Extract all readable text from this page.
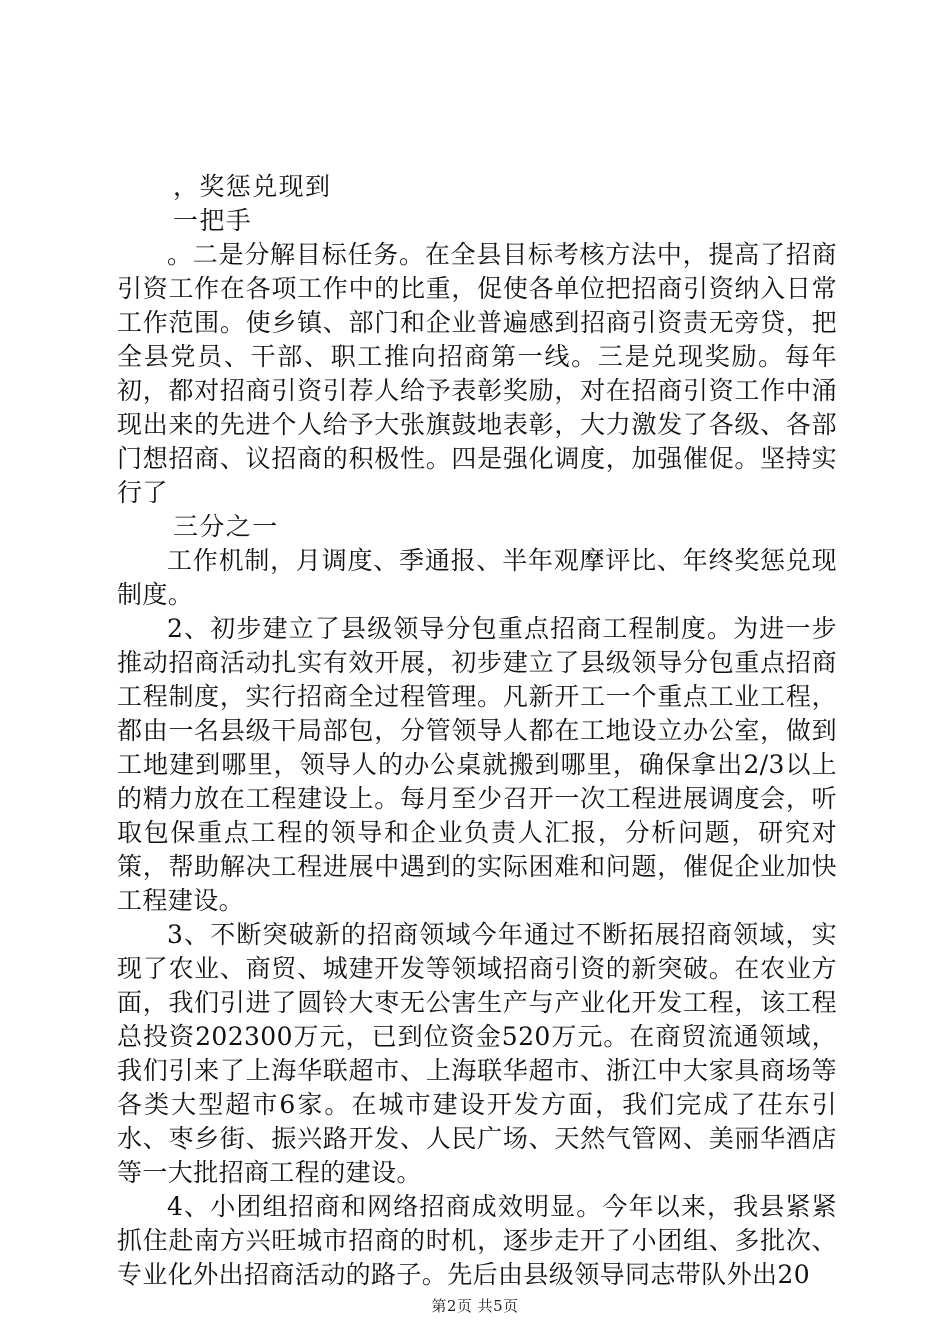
，奖惩兑现到
一把手
。二是分解目标任务。在全县目标考核方法中，提高了招商引资工作在各项工作中的比重，促使各单位把招商引资纳入日常工作范围。使乡镇、部门和企业普遍感到招商引资责无旁贷，把全县党员、干部、职工推向招商第一线。三是兑现奖励。每年初，都对招商引资引荐人给予表彰奖励，对在招商引资工作中涌现出来的先进个人给予大张旗鼓地表彰，大力激发了各级、各部门想招商、议招商的积极性。四是强化调度，加强催促。坚持实行了
三分之一
工作机制，月调度、季通报、半年观摩评比、年终奖惩兑现制度。
2、初步建立了县级领导分包重点招商工程制度。为进一步推动招商活动扎实有效开展，初步建立了县级领导分包重点招商工程制度，实行招商全过程管理。凡新开工一个重点工业工程，都由一名县级干局部包，分管领导人都在工地设立办公室，做到工地建到哪里，领导人的办公桌就搬到哪里，确保拿出2/3以上的精力放在工程建设上。每月至少召开一次工程进展调度会，听取包保重点工程的领导和企业负责人汇报，分析问题，研究对策，帮助解决工程进展中遇到的实际困难和问题，催促企业加快工程建设。
3、不断突破新的招商领域今年通过不断拓展招商领域，实现了农业、商贸、城建开发等领域招商引资的新突破。在农业方面，我们引进了圆铃大枣无公害生产与产业化开发工程，该工程总投资202300万元，已到位资金520万元。在商贸流通领域，我们引来了上海华联超市、上海联华超市、浙江中大家具商场等各类大型超市6家。在城市建设开发方面，我们完成了茌东引水、枣乡街、振兴路开发、人民广场、天然气管网、美丽华酒店等一大批招商工程的建设。
4、小团组招商和网络招商成效明显。今年以来，我县紧紧抓住赴南方兴旺城市招商的时机，逐步走开了小团组、多批次、专业化外出招商活动的路子。先后由县级领导同志带队外出20
第2页 共5页
